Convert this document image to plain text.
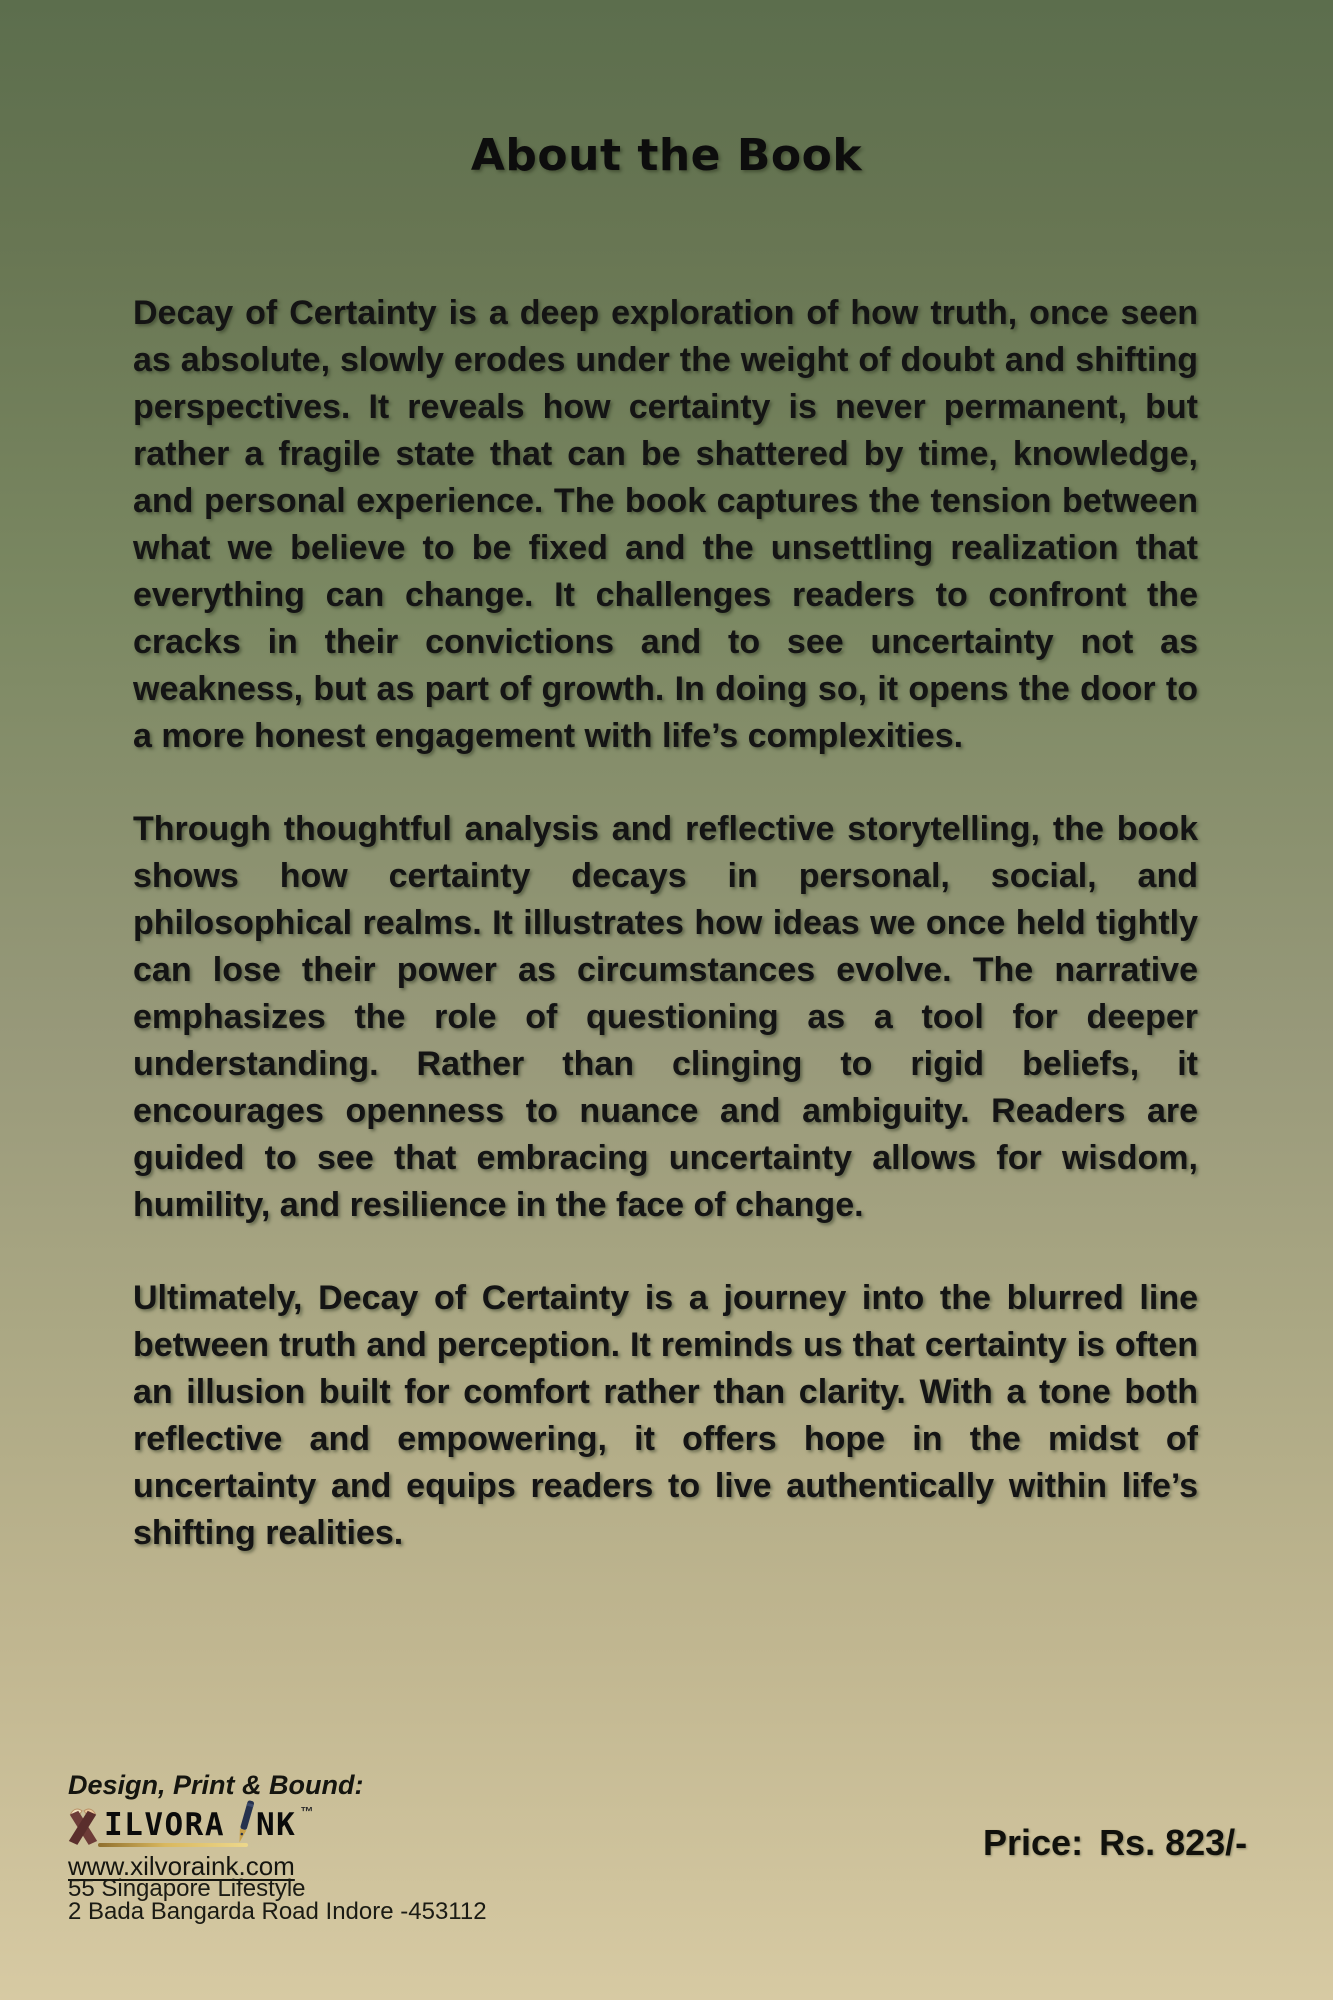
About the Book

Decay of Certainty is a deep exploration of how truth, once seen as absolute, slowly erodes under the weight of doubt and shifting perspectives. It reveals how certainty is never permanent, but rather a fragile state that can be shattered by time, knowledge, and personal experience. The book captures the tension between what we believe to be fixed and the unsettling realization that everything can change. It challenges readers to confront the cracks in their convictions and to see uncertainty not as weakness, but as part of growth. In doing so, it opens the door to a more honest engagement with life’s complexities.

Through thoughtful analysis and reflective storytelling, the book shows how certainty decays in personal, social, and philosophical realms. It illustrates how ideas we once held tightly can lose their power as circumstances evolve. The narrative emphasizes the role of questioning as a tool for deeper understanding. Rather than clinging to rigid beliefs, it encourages openness to nuance and ambiguity. Readers are guided to see that embracing uncertainty allows for wisdom, humility, and resilience in the face of change.

Ultimately, Decay of Certainty is a journey into the blurred line between truth and perception. It reminds us that certainty is often an illusion built for comfort rather than clarity. With a tone both reflective and empowering, it offers hope in the midst of uncertainty and equips readers to live authentically within life’s shifting realities.

Design, Print & Bound:
ILVORA NK ™
www.xilvoraink.com
55 Singapore Lifestyle
2 Bada Bangarda Road Indore -453112
Price: Rs. 823/-
